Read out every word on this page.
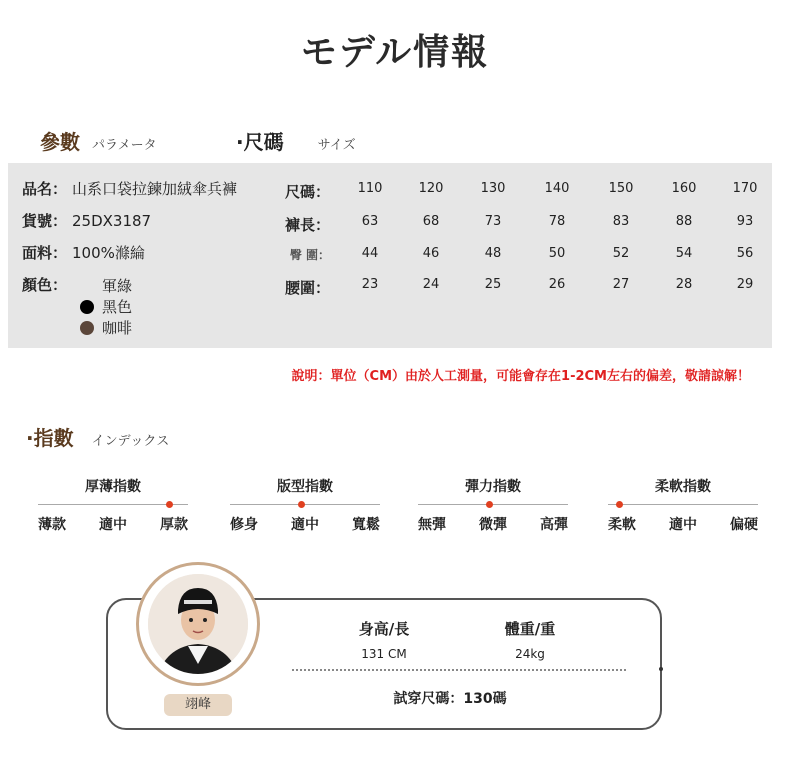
モデル情報
參數 パラメータ	·尺碼	サイズ
品名： 山系口袋拉鍊加絨傘兵褲
貨號： 25DX3187
面料： 100%滌綸
顏色：	軍綠
黑色
咖啡
尺碼：	110	120	130	140	150	160	170
褲長：	63	68	73	78	83	88	93
臀 圍：	44	46	48	50	52	54	56
腰圍：	23	24	25	26	27	28	29
說明：單位（CM）由於人工測量，可能會存在1-2CM左右的偏差，敬請諒解！
·指數 インデックス
厚薄指數
薄款 適中 厚款
版型指數
修身 適中 寬鬆
彈力指數
無彈 微彈 高彈
柔軟指數
柔軟 適中 偏硬
翊峰
身高/長
131 CM
體重/重
24kg
試穿尺碼：130碼
